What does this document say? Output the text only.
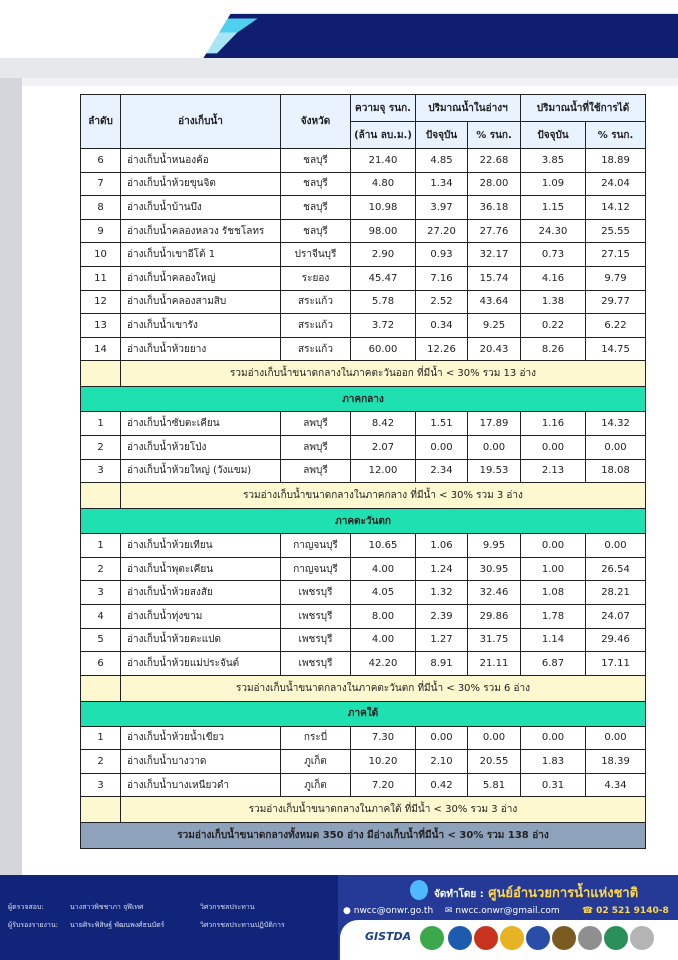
ลำดับ	อ่างเก็บน้ำ	จังหวัด	ความจุ รนก.	ปริมาณน้ำในอ่างฯ		ปริมาณน้ำที่ใช้การได้	
			(ล้าน ลบ.ม.)	ปัจจุบัน	% รนก.	ปัจจุบัน	% รนก.
6	อ่างเก็บน้ำหนองค้อ	ชลบุรี	21.40	4.85	22.68	3.85	18.89
7	อ่างเก็บน้ำห้วยขุนจิต	ชลบุรี	4.80	1.34	28.00	1.09	24.04
8	อ่างเก็บน้ำบ้านบึง	ชลบุรี	10.98	3.97	36.18	1.15	14.12
9	อ่างเก็บน้ำคลองหลวง รัชชโลทร	ชลบุรี	98.00	27.20	27.76	24.30	25.55
10	อ่างเก็บน้ำเขาอีโต้ 1	ปราจีนบุรี	2.90	0.93	32.17	0.73	27.15
11	อ่างเก็บน้ำคลองใหญ่	ระยอง	45.47	7.16	15.74	4.16	9.79
12	อ่างเก็บน้ำคลองสามสิบ	สระแก้ว	5.78	2.52	43.64	1.38	29.77
13	อ่างเก็บน้ำเขารัง	สระแก้ว	3.72	0.34	9.25	0.22	6.22
14	อ่างเก็บน้ำห้วยยาง	สระแก้ว	60.00	12.26	20.43	8.26	14.75
	รวมอ่างเก็บน้ำขนาดกลางในภาคตะวันออก ที่มีน้ำ < 30% รวม 13 อ่าง						
ภาคกลาง							
1	อ่างเก็บน้ำซับตะเคียน	ลพบุรี	8.42	1.51	17.89	1.16	14.32
2	อ่างเก็บน้ำห้วยโป่ง	ลพบุรี	2.07	0.00	0.00	0.00	0.00
3	อ่างเก็บน้ำห้วยใหญ่ (วังแขม)	ลพบุรี	12.00	2.34	19.53	2.13	18.08
	รวมอ่างเก็บน้ำขนาดกลางในภาคกลาง ที่มีน้ำ < 30% รวม 3 อ่าง						
ภาคตะวันตก							
1	อ่างเก็บน้ำห้วยเทียน	กาญจนบุรี	10.65	1.06	9.95	0.00	0.00
2	อ่างเก็บน้ำพุตะเคียน	กาญจนบุรี	4.00	1.24	30.95	1.00	26.54
3	อ่างเก็บน้ำห้วยสงสัย	เพชรบุรี	4.05	1.32	32.46	1.08	28.21
4	อ่างเก็บน้ำทุ่งขาม	เพชรบุรี	8.00	2.39	29.86	1.78	24.07
5	อ่างเก็บน้ำห้วยตะแปด	เพชรบุรี	4.00	1.27	31.75	1.14	29.46
6	อ่างเก็บน้ำห้วยแม่ประจันต์	เพชรบุรี	42.20	8.91	21.11	6.87	17.11
	รวมอ่างเก็บน้ำขนาดกลางในภาคตะวันตก ที่มีน้ำ < 30% รวม 6 อ่าง						
ภาคใต้							
1	อ่างเก็บน้ำห้วยน้ำเขียว	กระบี่	7.30	0.00	0.00	0.00	0.00
2	อ่างเก็บน้ำบางวาด	ภูเก็ต	10.20	2.10	20.55	1.83	18.39
3	อ่างเก็บน้ำบางเหนียวดำ	ภูเก็ต	7.20	0.42	5.81	0.31	4.34
	รวมอ่างเก็บน้ำขนาดกลางในภาคใต้ ที่มีน้ำ < 30% รวม 3 อ่าง						
รวมอ่างเก็บน้ำขนาดกลางทั้งหมด 350 อ่าง มีอ่างเก็บน้ำที่มีน้ำ < 30% รวม 138 อ่าง							
ผู้ตรวจสอบ:	นางสาวพิชชาภา จุฬิเทศ	วิศวกรชลประทาน
ผู้รับรองรายงาน: นายศิระพิสิษฐ์ พัฒนพงศ์ธนบัตร์	วิศวกรชลประทานปฏิบัติการ
จัดทำโดย : ศูนย์อำนวยการน้ำแห่งชาติ
● nwcc@onwr.go.th ✉ nwcc.onwr@gmail.com ☎ 02 521 9140-8
GISTDA
